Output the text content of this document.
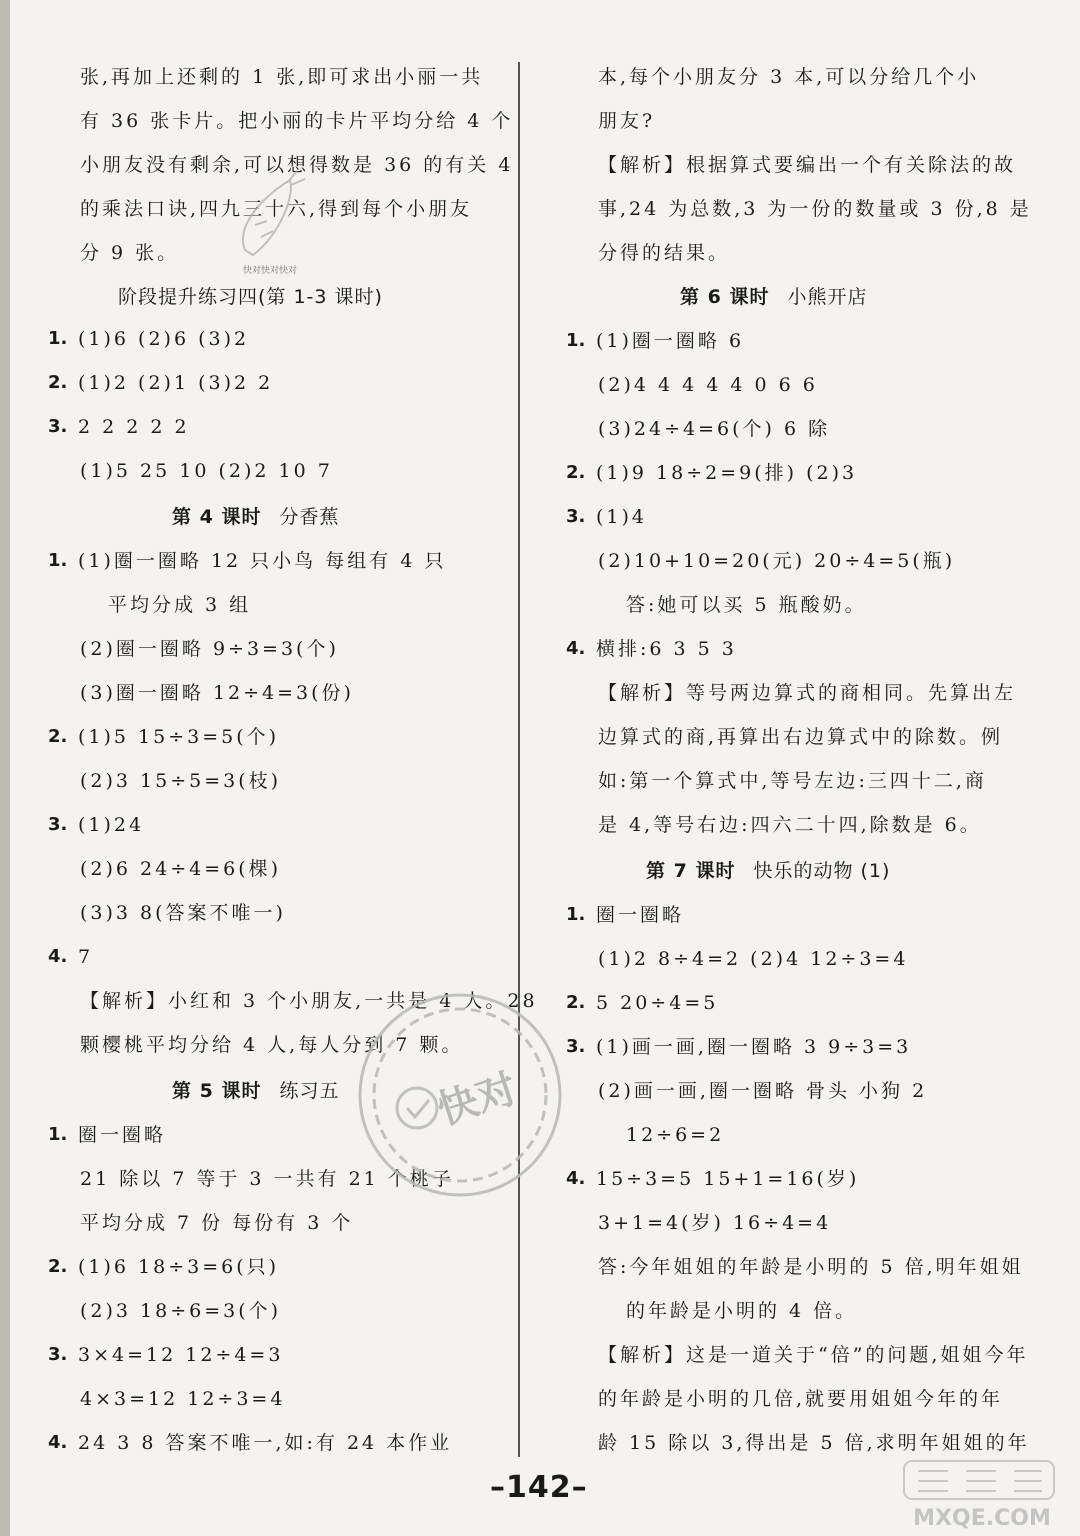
张,再加上还剩的 1 张,即可求出小丽一共
有 36 张卡片。把小丽的卡片平均分给 4 个
小朋友没有剩余,可以想得数是 36 的有关 4
的乘法口诀,四九三十六,得到每个小朋友
分 9 张。
1. (1)6 (2)6 (3)2
2. (1)2 (2)1 (3)2 2
3. 2 2 2 2 2
(1)5 25 10 (2)2 10 7
1. (1)圈一圈略 12 只小鸟 每组有 4 只
平均分成 3 组
(2)圈一圈略 9÷3=3(个)
(3)圈一圈略 12÷4=3(份)
2. (1)5 15÷3=5(个)
(2)3 15÷5=3(枝)
3. (1)24
(2)6 24÷4=6(棵)
(3)3 8(答案不唯一)
4. 7
【解析】小红和 3 个小朋友,一共是 4 人。28
颗樱桃平均分给 4 人,每人分到 7 颗。
1. 圈一圈略
21 除以 7 等于 3 一共有 21 个桃子
平均分成 7 份 每份有 3 个
2. (1)6 18÷3=6(只)
(2)3 18÷6=3(个)
3. 3×4=12 12÷4=3
4×3=12 12÷3=4
4. 24 3 8 答案不唯一,如:有 24 本作业
阶段提升练习四(第 1-3 课时)
第 4 课时 分香蕉
第 5 课时 练习五
本,每个小朋友分 3 本,可以分给几个小
朋友?
【解析】根据算式要编出一个有关除法的故
事,24 为总数,3 为一份的数量或 3 份,8 是
分得的结果。
1. (1)圈一圈略 6
(2)4 4 4 4 4 0 6 6
(3)24÷4=6(个) 6 除
2. (1)9 18÷2=9(排) (2)3
3. (1)4
(2)10+10=20(元) 20÷4=5(瓶)
答:她可以买 5 瓶酸奶。
4. 横排:6 3 5 3
【解析】等号两边算式的商相同。先算出左
边算式的商,再算出右边算式中的除数。例
如:第一个算式中,等号左边:三四十二,商
是 4,等号右边:四六二十四,除数是 6。
1. 圈一圈略
(1)2 8÷4=2 (2)4 12÷3=4
2. 5 20÷4=5
3. (1)画一画,圈一圈略 3 9÷3=3
(2)画一画,圈一圈略 骨头 小狗 2
12÷6=2
4. 15÷3=5 15+1=16(岁)
3+1=4(岁) 16÷4=4
答:今年姐姐的年龄是小明的 5 倍,明年姐姐
的年龄是小明的 4 倍。
【解析】这是一道关于“倍”的问题,姐姐今年
的年龄是小明的几倍,就要用姐姐今年的年
龄 15 除以 3,得出是 5 倍,求明年姐姐的年
第 6 课时 小熊开店
第 7 课时 快乐的动物 (1)
快对快对快对
快对
MXQE.COM
–142–
